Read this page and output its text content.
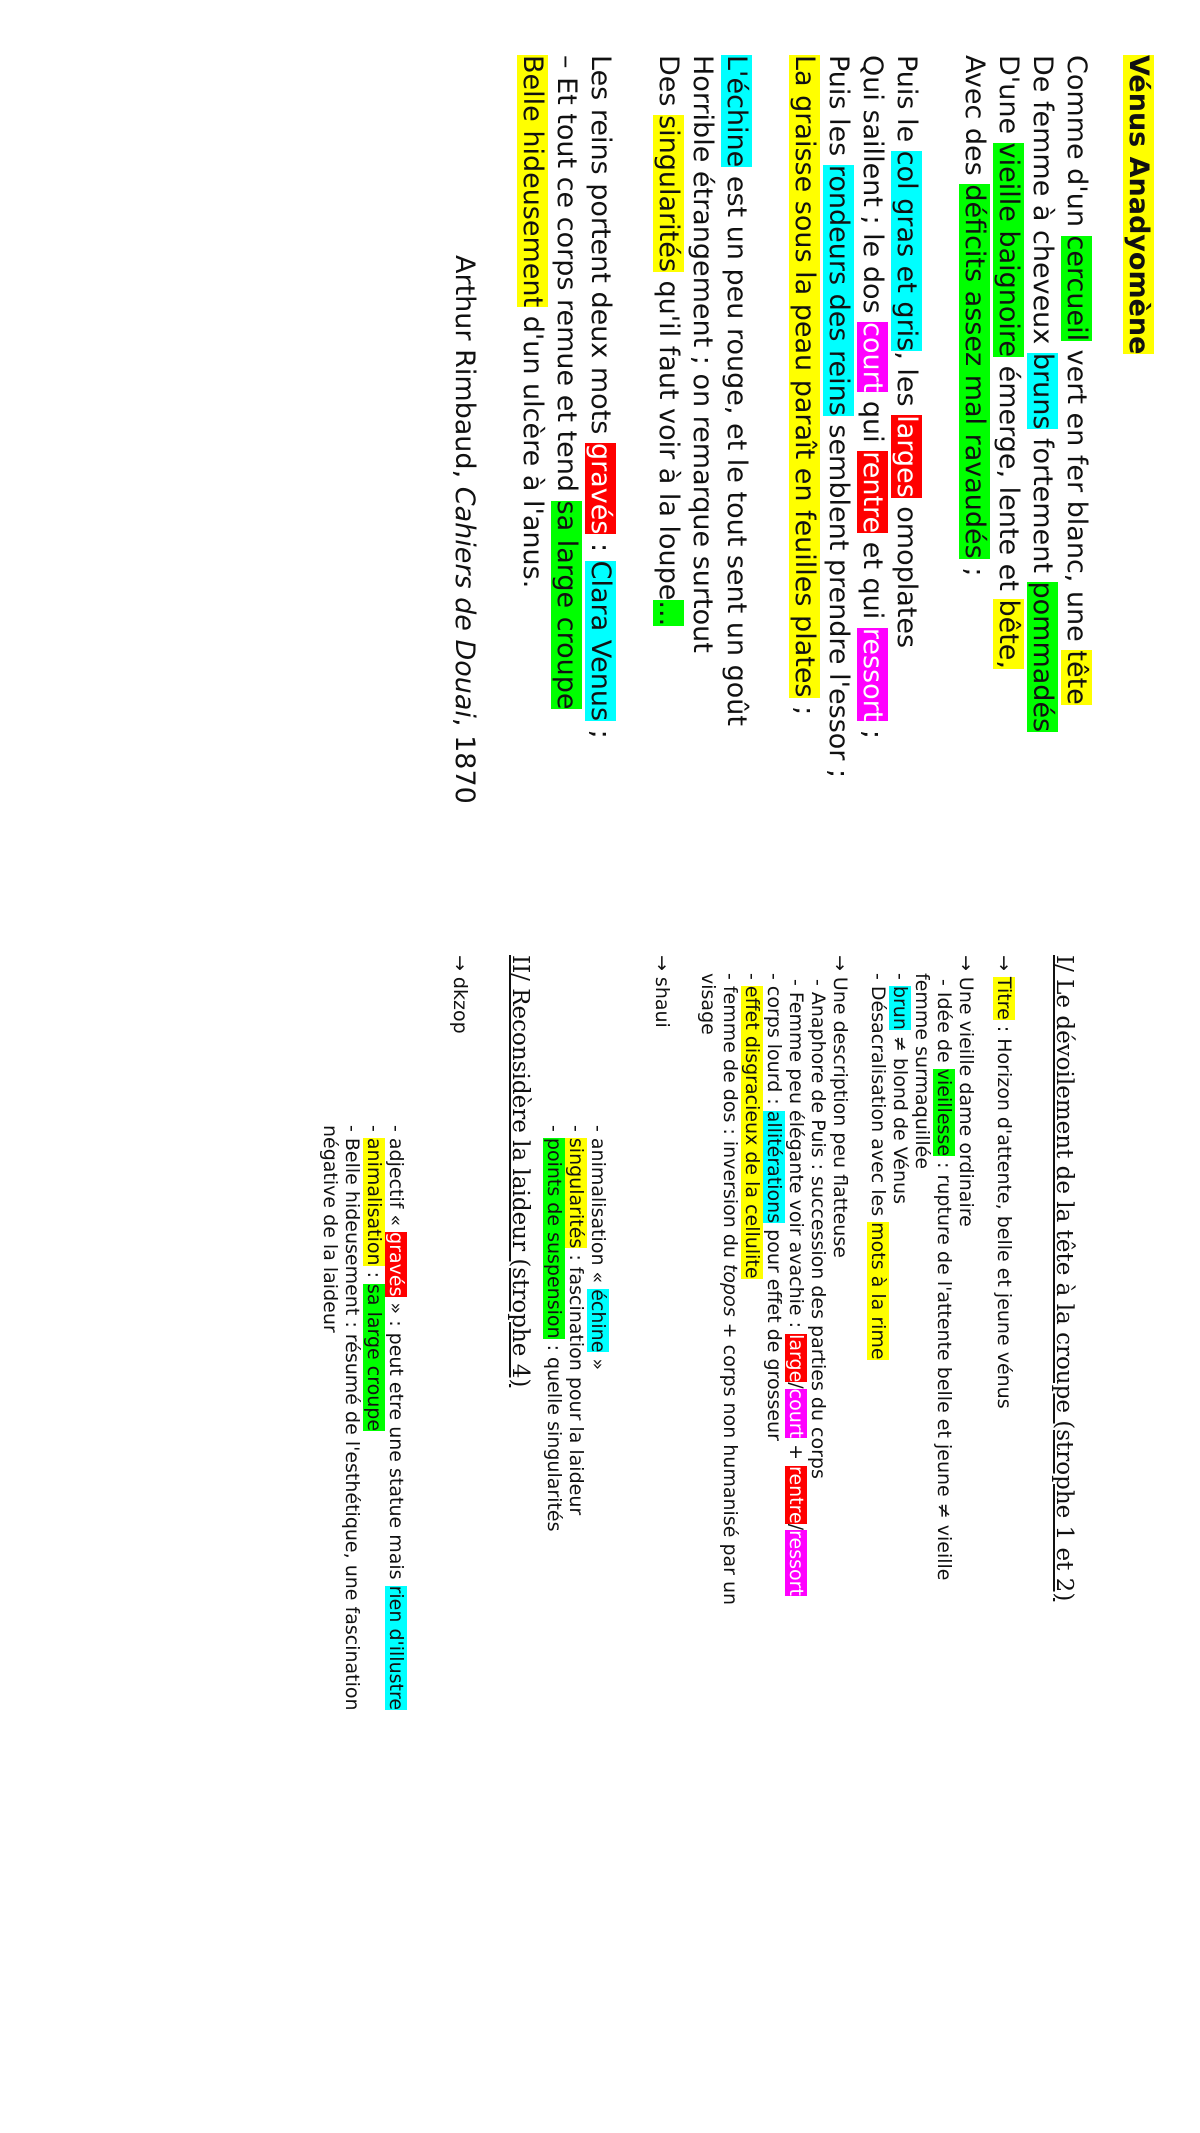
Vénus Anadyomène
Comme d'un cercueil vert en fer blanc, une tête
De femme à cheveux bruns fortement pommadés
D'une vieille baignoire émerge, lente et bête,
Avec des déficits assez mal ravaudés ;
Puis le col gras et gris, les larges omoplates
Qui saillent ; le dos court qui rentre et qui ressort ;
Puis les rondeurs des reins semblent prendre l'essor ;
La graisse sous la peau paraît en feuilles plates ;
L'échine est un peu rouge, et le tout sent un goût
Horrible étrangement ; on remarque surtout
Des singularités qu'il faut voir à la loupe...
Les reins portent deux mots gravés : Clara Venus ;
– Et tout ce corps remue et tend sa large croupe
Belle hideusement d'un ulcère à l'anus.
Arthur Rimbaud, Cahiers de Douai, 1870
I/ Le dévoilement de la tête à la croupe (strophe 1 et 2)
→Titre : Horizon d'attente, belle et jeune vénus
→Une vieille dame ordinaire
- Idée de vieillesse : rupture de l'attente belle et jeune ≠ vieille
femme surmaquillée
- brun ≠ blond de Vénus
- Désacralisation avec les mots à la rime
→Une description peu flatteuse
- Anaphore de Puis : succession des parties du corps
- Femme peu élégante voir avachie : large/court + rentre/ressort
- corps lourd : allitérations pour effet de grosseur
- effet disgracieux de la cellulite
- femme de dos : inversion du topos + corps non humanisé par un
visage
→shaui
- animalisation « échine »
- singularités : fascination pour la laideur
- points de suspension : quelle singularités
II/ Reconsidère la laideur (strophe 4)
→dkzop
- adjectif « gravés » : peut etre une statue mais rien d'illustre
- animalisation : sa large croupe
- Belle hideusement : résumé de l'esthétique, une fascination
négative de la laideur
